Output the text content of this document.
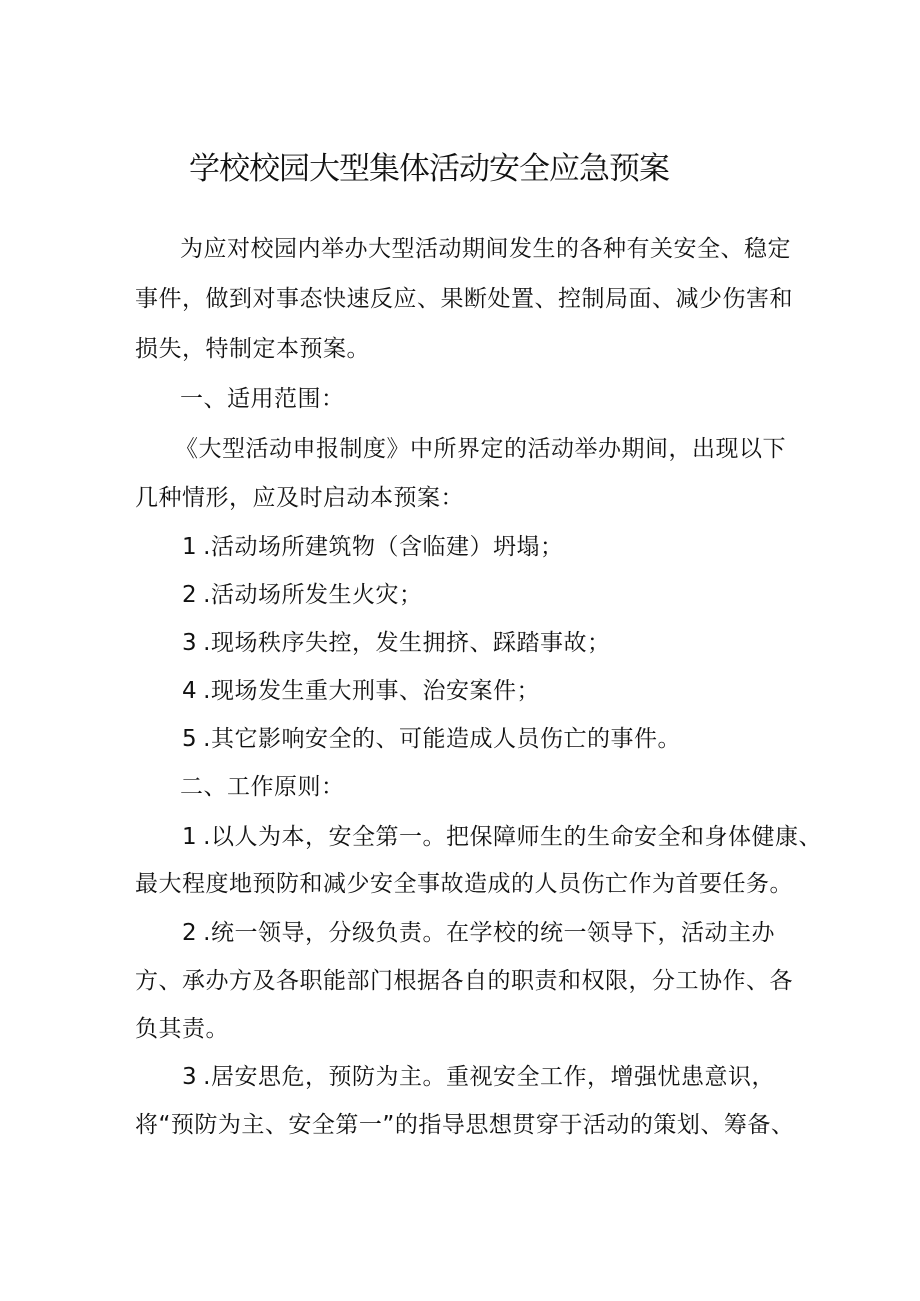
学校校园大型集体活动安全应急预案

为应对校园内举办大型活动期间发生的各种有关安全、稳定

事件，做到对事态快速反应、果断处置、控制局面、减少伤害和

损失，特制定本预案。

一、适用范围：

《大型活动申报制度》中所界定的活动举办期间，出现以下

几种情形，应及时启动本预案：

1 .活动场所建筑物（含临建）坍塌；

2 .活动场所发生火灾；

3 .现场秩序失控，发生拥挤、踩踏事故；

4 .现场发生重大刑事、治安案件；

5 .其它影响安全的、可能造成人员伤亡的事件。

二、工作原则：

1 .以人为本，安全第一。把保障师生的生命安全和身体健康、

最大程度地预防和减少安全事故造成的人员伤亡作为首要任务。

2 .统一领导，分级负责。在学校的统一领导下，活动主办

方、承办方及各职能部门根据各自的职责和权限，分工协作、各

负其责。

3 .居安思危，预防为主。重视安全工作，增强忧患意识，

将“预防为主、安全第一”的指导思想贯穿于活动的策划、筹备、
